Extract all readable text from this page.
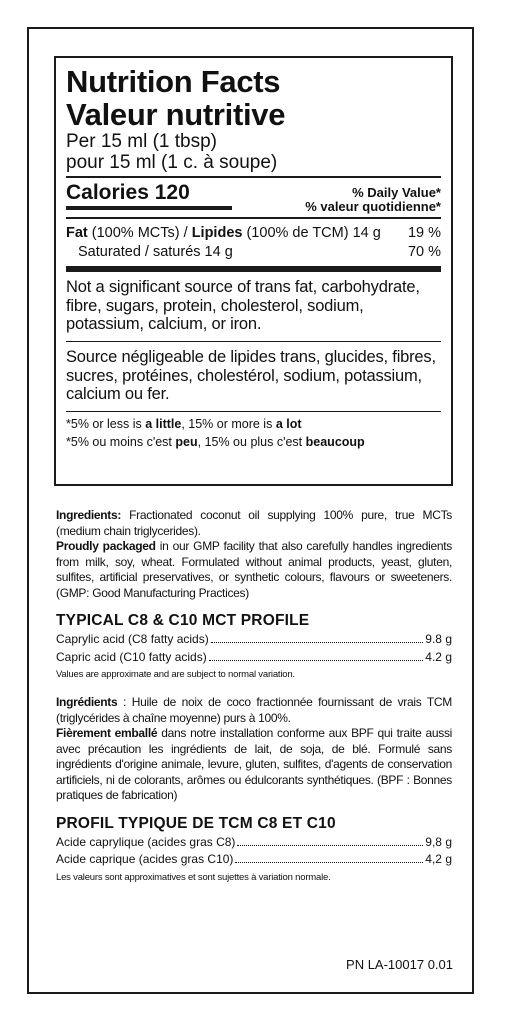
Nutrition Facts
Valeur nutritive
Per 15 ml (1 tbsp)
pour 15 ml (1 c. à soupe)
Calories 120	% Daily Value*
% valeur quotidienne*
Fat (100% MCTs) / Lipides (100% de TCM) 14 g 19 %
Saturated / saturés 14 g	70 %
Not a significant source of trans fat, carbohydrate, fibre, sugars, protein, cholesterol, sodium, potassium, calcium, or iron.
Source négligeable de lipides trans, glucides, fibres, sucres, protéines, cholestérol, sodium, potassium, calcium ou fer.
*5% or less is a little, 15% or more is a lot
*5% ou moins c'est peu, 15% ou plus c'est beaucoup
Ingredients: Fractionated coconut oil supplying 100% pure, true MCTs (medium chain triglycerides).
Proudly packaged in our GMP facility that also carefully handles ingredients from milk, soy, wheat. Formulated without animal products, yeast, gluten, sulfites, artificial preservatives, or synthetic colours, flavours or sweeteners. (GMP: Good Manufacturing Practices)
TYPICAL C8 & C10 MCT PROFILE
Caprylic acid (C8 fatty acids)	9.8 g
Capric acid (C10 fatty acids)	4.2 g
Values are approximate and are subject to normal variation.
Ingrédients : Huile de noix de coco fractionnée fournissant de vrais TCM (triglycérides à chaîne moyenne) purs à 100%.
Fièrement emballé dans notre installation conforme aux BPF qui traite aussi avec précaution les ingrédients de lait, de soja, de blé. Formulé sans ingrédients d'origine animale, levure, gluten, sulfites, d'agents de conservation artificiels, ni de colorants, arômes ou édulcorants synthétiques. (BPF : Bonnes pratiques de fabrication)
PROFIL TYPIQUE DE TCM C8 ET C10
Acide caprylique (acides gras C8)	9,8 g
Acide caprique (acides gras C10)	4,2 g
Les valeurs sont approximatives et sont sujettes à variation normale.
PN LA-10017 0.01
